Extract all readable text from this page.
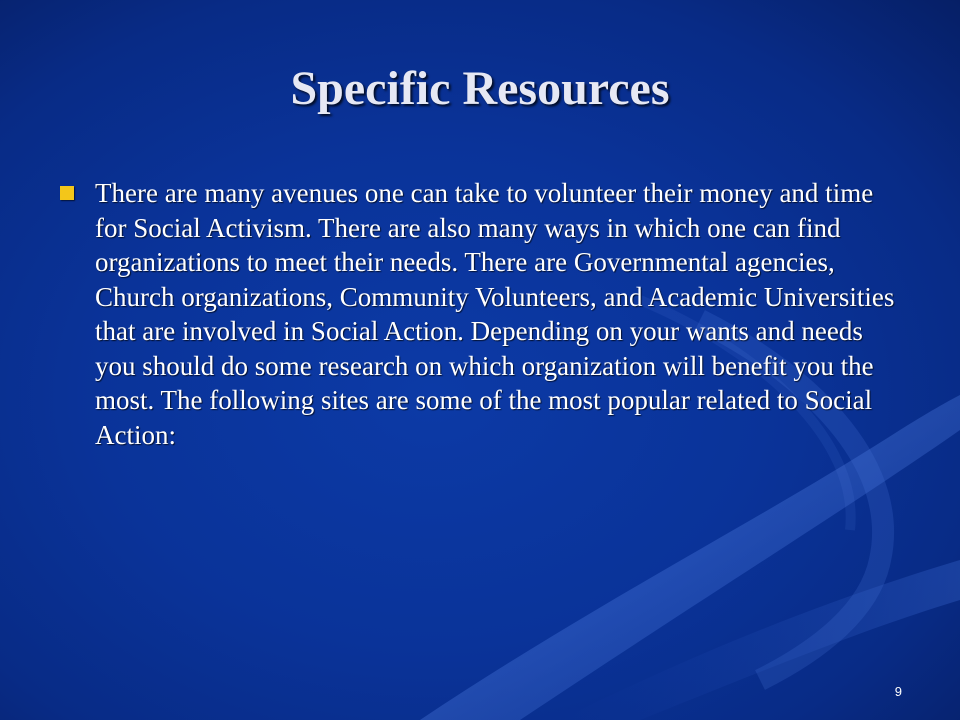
Specific Resources
There are many avenues one can take to volunteer their money and time for Social Activism. There are also many ways in which one can find organizations to meet their needs. There are Governmental agencies, Church organizations, Community Volunteers, and Academic Universities that are involved in Social Action. Depending on your wants and needs you should do some research on which organization will benefit you the most. The following sites are some of the most popular related to Social Action:
9
